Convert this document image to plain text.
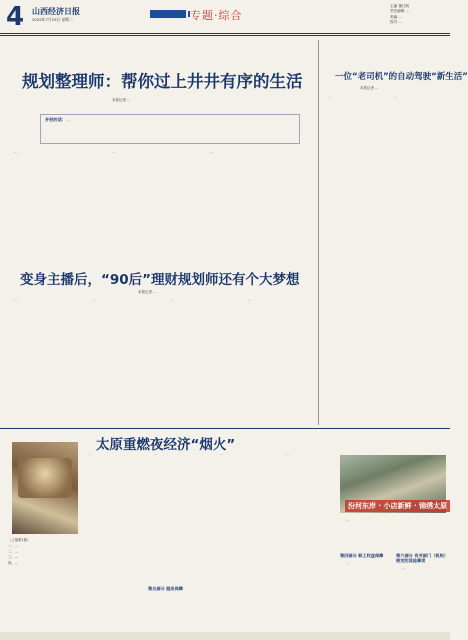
4 山西经济日报
2025年7月29日 星期二	专题·综合
主编 董江帆
责任编辑 ...
美编 ...
校对 ...
规划整理师：帮你过上井井有序的生活
本报记者 ...
开栏的话： ...

...	...	...

一位“老司机”的自动驾驶“新生活”
本报记者 ...

...	...

变身主播后，“90后”理财规划师还有个大梦想
本报记者 ...

...	...	...	...

太原重燃夜经济“烟火”

...	...	...	...

汾河东岸 · 小店新鲜 · 锦绣太原

...

第四部分 职工权益保障

...

第六部分 有关部门（机构）规定的其他事项

...

（上接第1版）
一、...
二、...
三、...
四、...
第五部分 服务保障
